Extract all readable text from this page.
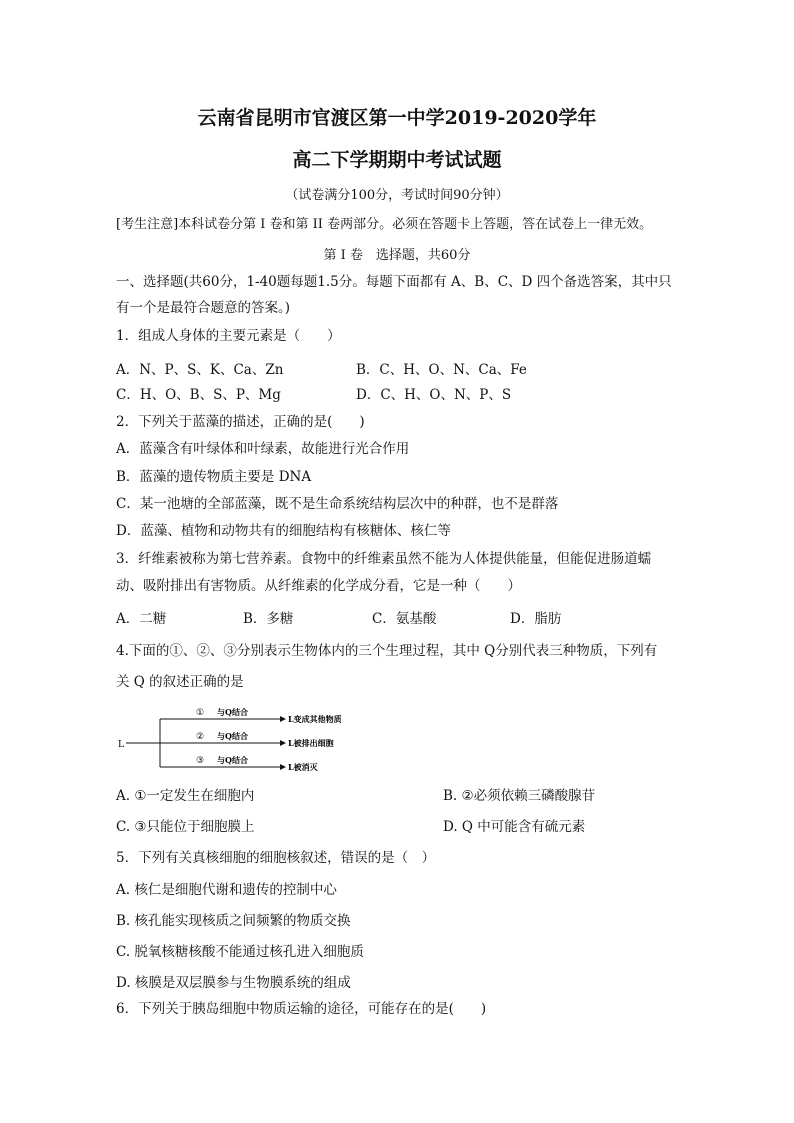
云南省昆明市官渡区第一中学2019-2020学年
高二下学期期中考试试题
（试卷满分100分，考试时间90分钟）
[考生注意]本科试卷分第 I 卷和第 II 卷两部分。必须在答题卡上答题，答在试卷上一律无效。
第 I 卷　选择题，共60分
一、选择题(共60分，1-40题每题1.5分。每题下面都有 A、B、C、D 四个备选答案，其中只
有一个是最符合题意的答案。)
1．组成人身体的主要元素是（　　）
A．N、P、S、K、Ca、Zn	B．C、H、O、N、Ca、Fe
C．H、O、B、S、P、Mg	D．C、H、O、N、P、S
2．下列关于蓝藻的描述，正确的是(　　)
A．蓝藻含有叶绿体和叶绿素，故能进行光合作用
B．蓝藻的遗传物质主要是 DNA
C．某一池塘的全部蓝藻，既不是生命系统结构层次中的种群，也不是群落
D．蓝藻、植物和动物共有的细胞结构有核糖体、核仁等
3．纤维素被称为第七营养素。食物中的纤维素虽然不能为人体提供能量，但能促进肠道蠕
动、吸附排出有害物质。从纤维素的化学成分看，它是一种（　　）
A．二糖	B．多糖	C．氨基酸	D．脂肪
4.下面的①、②、③分别表示生物体内的三个生理过程，其中 Q分别代表三种物质，下列有
关 Q 的叙述正确的是
L
① 与Q结合
L变成其他物质
② 与Q结合
L被排出细胞
③ 与Q结合
L被消灭
A. ①一定发生在细胞内	B. ②必须依赖三磷酸腺苷
C. ③只能位于细胞膜上	D. Q 中可能含有硫元素
5．下列有关真核细胞的细胞核叙述，错误的是（　）
A. 核仁是细胞代谢和遗传的控制中心
B. 核孔能实现核质之间频繁的物质交换
C. 脱氧核糖核酸不能通过核孔进入细胞质
D. 核膜是双层膜参与生物膜系统的组成
6．下列关于胰岛细胞中物质运输的途径，可能存在的是(　　)
